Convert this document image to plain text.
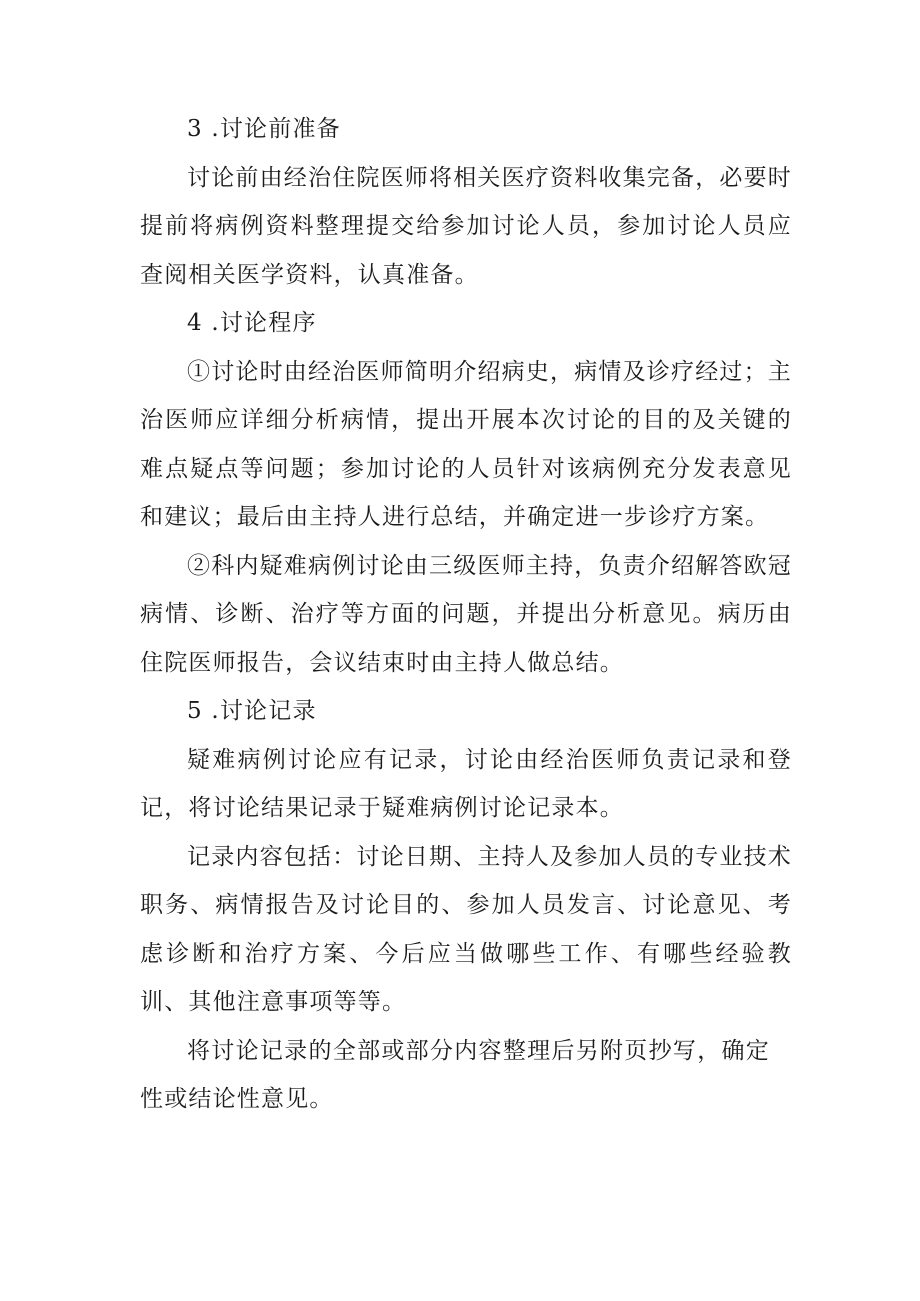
3 .讨论前准备

讨论前由经治住院医师将相关医疗资料收集完备，必要时提前将病例资料整理提交给参加讨论人员，参加讨论人员应查阅相关医学资料，认真准备。

4 .讨论程序

①讨论时由经治医师简明介绍病史，病情及诊疗经过；主治医师应详细分析病情，提出开展本次讨论的目的及关键的难点疑点等问题；参加讨论的人员针对该病例充分发表意见和建议；最后由主持人进行总结，并确定进一步诊疗方案。

②科内疑难病例讨论由三级医师主持，负责介绍解答欧冠病情、诊断、治疗等方面的问题，并提出分析意见。病历由住院医师报告，会议结束时由主持人做总结。

5 .讨论记录

疑难病例讨论应有记录，讨论由经治医师负责记录和登记，将讨论结果记录于疑难病例讨论记录本。

记录内容包括：讨论日期、主持人及参加人员的专业技术职务、病情报告及讨论目的、参加人员发言、讨论意见、考虑诊断和治疗方案、今后应当做哪些工作、有哪些经验教训、其他注意事项等等。

将讨论记录的全部或部分内容整理后另附页抄写，确定性或结论性意见。
